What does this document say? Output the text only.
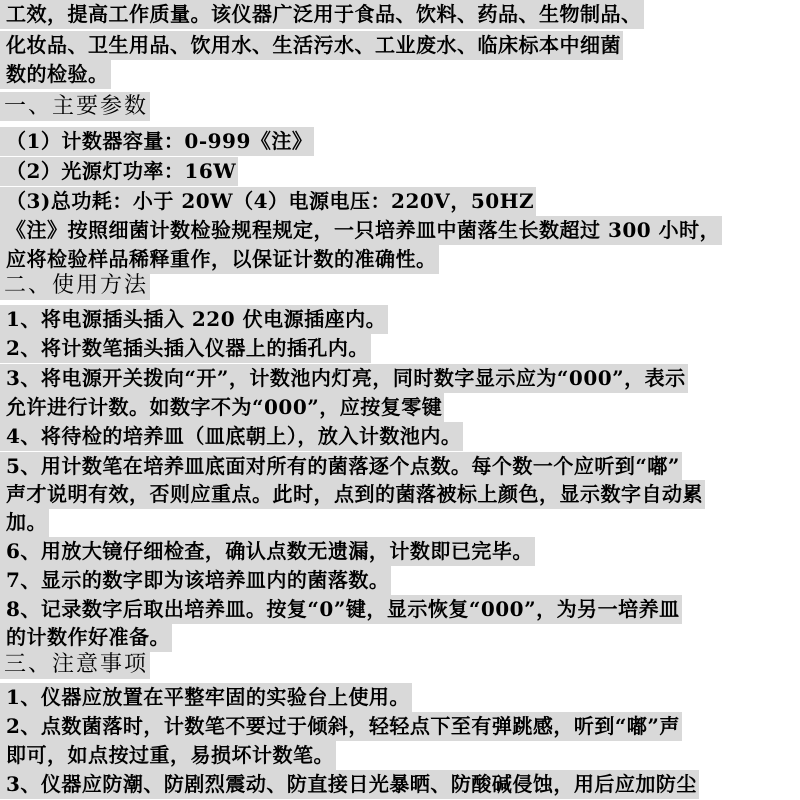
工效，提高工作质量。该仪器广泛用于食品、饮料、药品、生物制品、
化妆品、卫生用品、饮用水、生活污水、工业废水、临床标本中细菌
数的检验。
一、主要参数
（1）计数器容量：0-999《注》
（2）光源灯功率：16W
（3)总功耗：小于 20W（4）电源电压：220V，50HZ
《注》按照细菌计数检验规程规定，一只培养皿中菌落生长数超过 300 小时，
应将检验样品稀释重作，以保证计数的准确性。
二、使用方法
1、将电源插头插入 220 伏电源插座内。
2、将计数笔插头插入仪器上的插孔内。
3、将电源开关拨向“开”，计数池内灯亮，同时数字显示应为“000”，表示
允许进行计数。如数字不为“000”，应按复零键
4、将待检的培养皿（皿底朝上），放入计数池内。
5、用计数笔在培养皿底面对所有的菌落逐个点数。每个数一个应听到“嘟”
声才说明有效，否则应重点。此时，点到的菌落被标上颜色，显示数字自动累
加。
6、用放大镜仔细检查，确认点数无遗漏，计数即已完毕。
7、显示的数字即为该培养皿内的菌落数。
8、记录数字后取出培养皿。按复“0”键，显示恢复“000”，为另一培养皿
的计数作好准备。
三、注意事项
1、仪器应放置在平整牢固的实验台上使用。
2、点数菌落时，计数笔不要过于倾斜，轻轻点下至有弹跳感，听到“嘟”声
即可，如点按过重，易损坏计数笔。
3、仪器应防潮、防剧烈震动、防直接日光暴晒、防酸碱侵蚀，用后应加防尘
